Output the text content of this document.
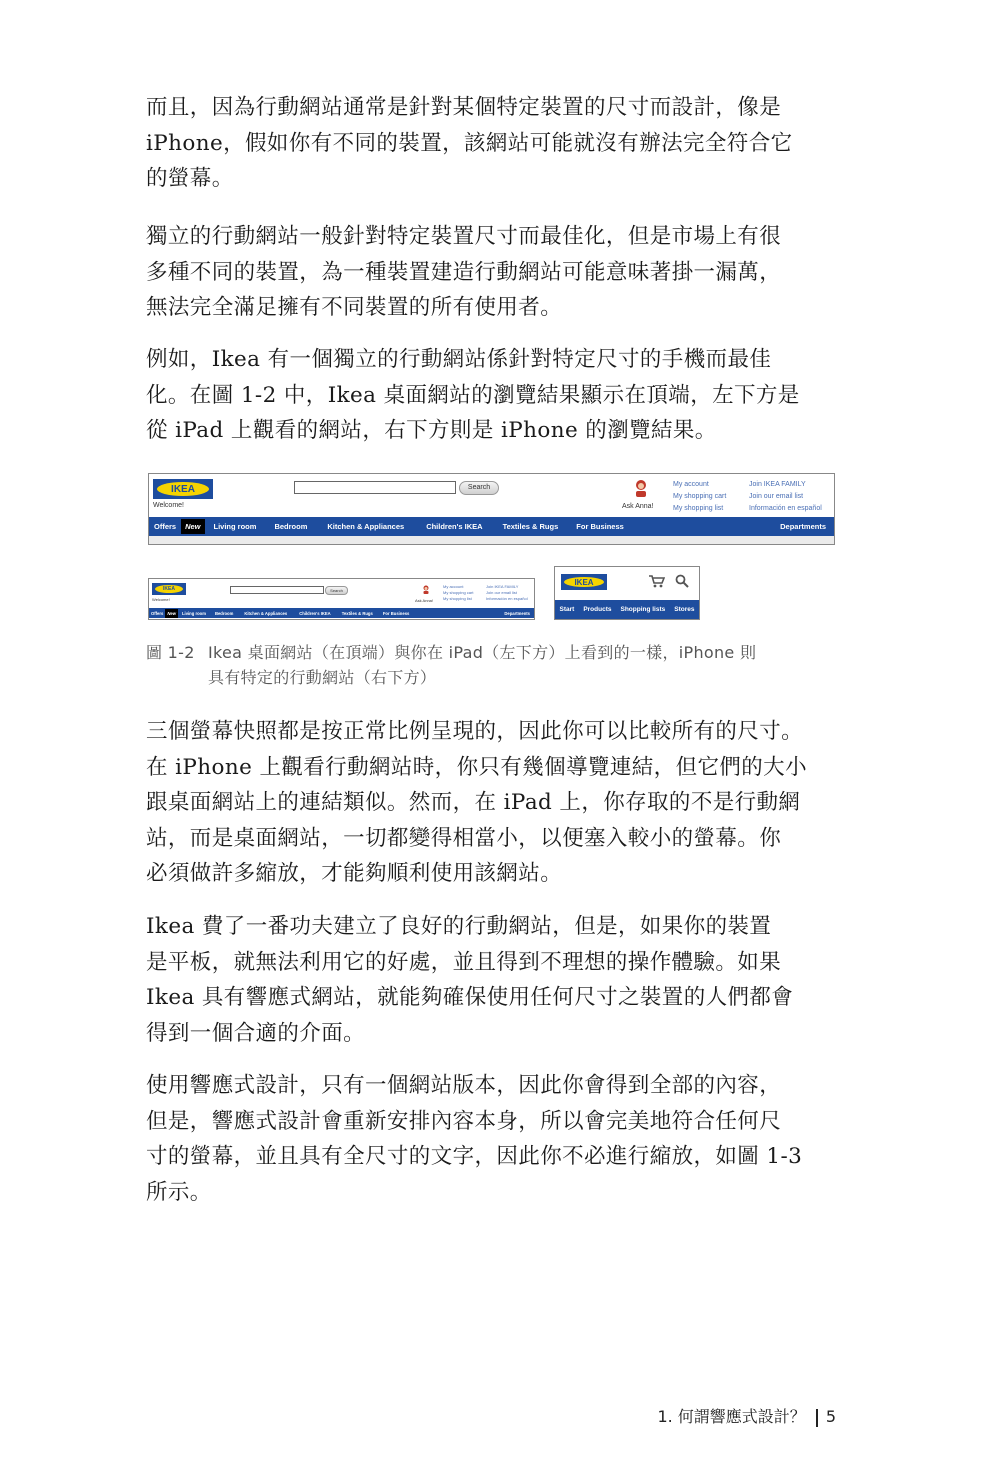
而且，因為行動網站通常是針對某個特定裝置的尺寸而設計，像是
iPhone，假如你有不同的裝置，該網站可能就沒有辦法完全符合它
的螢幕。

獨立的行動網站一般針對特定裝置尺寸而最佳化，但是市場上有很
多種不同的裝置，為一種裝置建造行動網站可能意味著掛一漏萬，
無法完全滿足擁有不同裝置的所有使用者。

例如，Ikea 有一個獨立的行動網站係針對特定尺寸的手機而最佳
化。在圖 1-2 中，Ikea 桌面網站的瀏覽結果顯示在頂端，左下方是
從 iPad 上觀看的網站，右下方則是 iPhone 的瀏覽結果。

IKEA
Welcome!
Search
Ask Anna!
My account
My shopping cart
My shopping list
Join IKEA FAMILY
Join our email list
Información en español
Offers	New	Living room	Bedroom	Kitchen & Appliances	Children's IKEA	Textiles & Rugs	For Business	Departments
IKEA
Welcome!
Search
Ask Anna!
My account
My shopping cart
My shopping list
Join IKEA FAMILY
Join our email list
Información en español
Offers New	Living room	Bedroom	Kitchen & Appliances	Children's IKEA	Textiles & Rugs	For Business	Departments
IKEA
Start Products Shopping lists Stores
圖 1-2 Ikea 桌面網站（在頂端）與你在 iPad（左下方）上看到的一樣，iPhone 則
具有特定的行動網站（右下方）

三個螢幕快照都是按正常比例呈現的，因此你可以比較所有的尺寸。
在 iPhone 上觀看行動網站時，你只有幾個導覽連結，但它們的大小
跟桌面網站上的連結類似。然而，在 iPad 上，你存取的不是行動網
站，而是桌面網站，一切都變得相當小，以便塞入較小的螢幕。你
必須做許多縮放，才能夠順利使用該網站。

Ikea 費了一番功夫建立了良好的行動網站，但是，如果你的裝置
是平板，就無法利用它的好處，並且得到不理想的操作體驗。如果
Ikea 具有響應式網站，就能夠確保使用任何尺寸之裝置的人們都會
得到一個合適的介面。

使用響應式設計，只有一個網站版本，因此你會得到全部的內容，
但是，響應式設計會重新安排內容本身，所以會完美地符合任何尺
寸的螢幕，並且具有全尺寸的文字，因此你不必進行縮放，如圖 1-3
所示。

1. 何謂響應式設計？ 5
